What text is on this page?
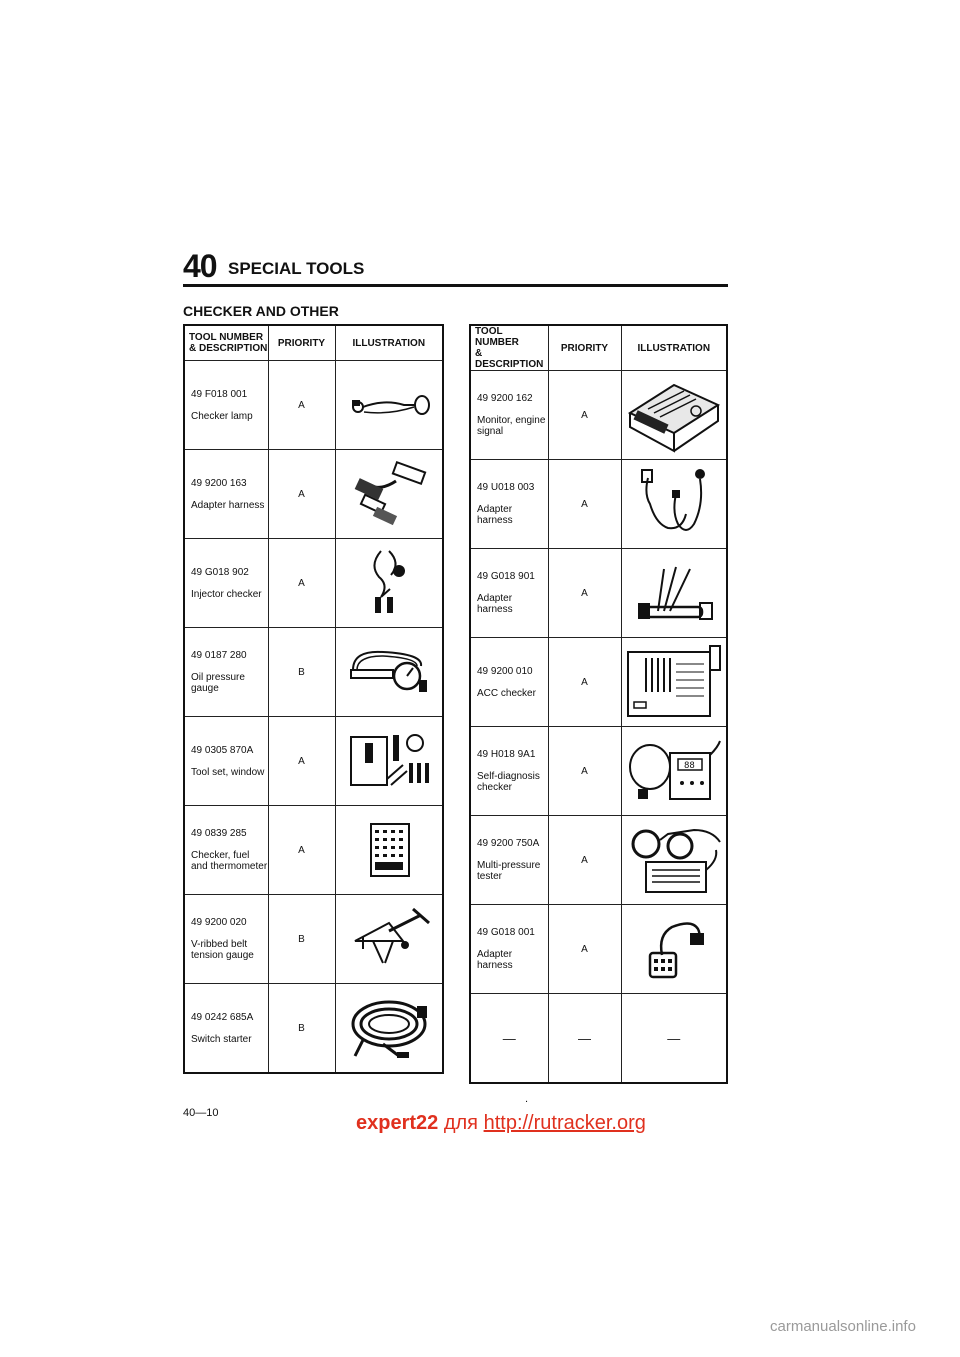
40 SPECIAL TOOLS
CHECKER AND OTHER
TOOL NUMBER
& DESCRIPTION	PRIORITY	ILLUSTRATION

49 F018 001
Checker lamp	A	

49 9200 163
Adapter harness	A	

49 G018 902
Injector checker	A	

49 0187 280
Oil pressure gauge	B	

49 0305 870A
Tool set, window	A	

49 0839 285
Checker, fuel and thermometer	A	

49 9200 020
V-ribbed belt tension gauge	B	

49 0242 685A
Switch starter	B	
TOOL NUMBER
& DESCRIPTION	PRIORITY	ILLUSTRATION

49 9200 162
Monitor, engine signal	A	

49 U018 003
Adapter harness	A	

49 G018 901
Adapter harness	A	

49 9200 010
ACC checker	A	

49 H018 9A1
Self-diagnosis checker	A	88

49 9200 750A
Multi-pressure tester	A	

49 G018 001
Adapter harness	A	
—	—	—
.
40—10	expert22 для http://rutracker.org
carmanualsonline.info
